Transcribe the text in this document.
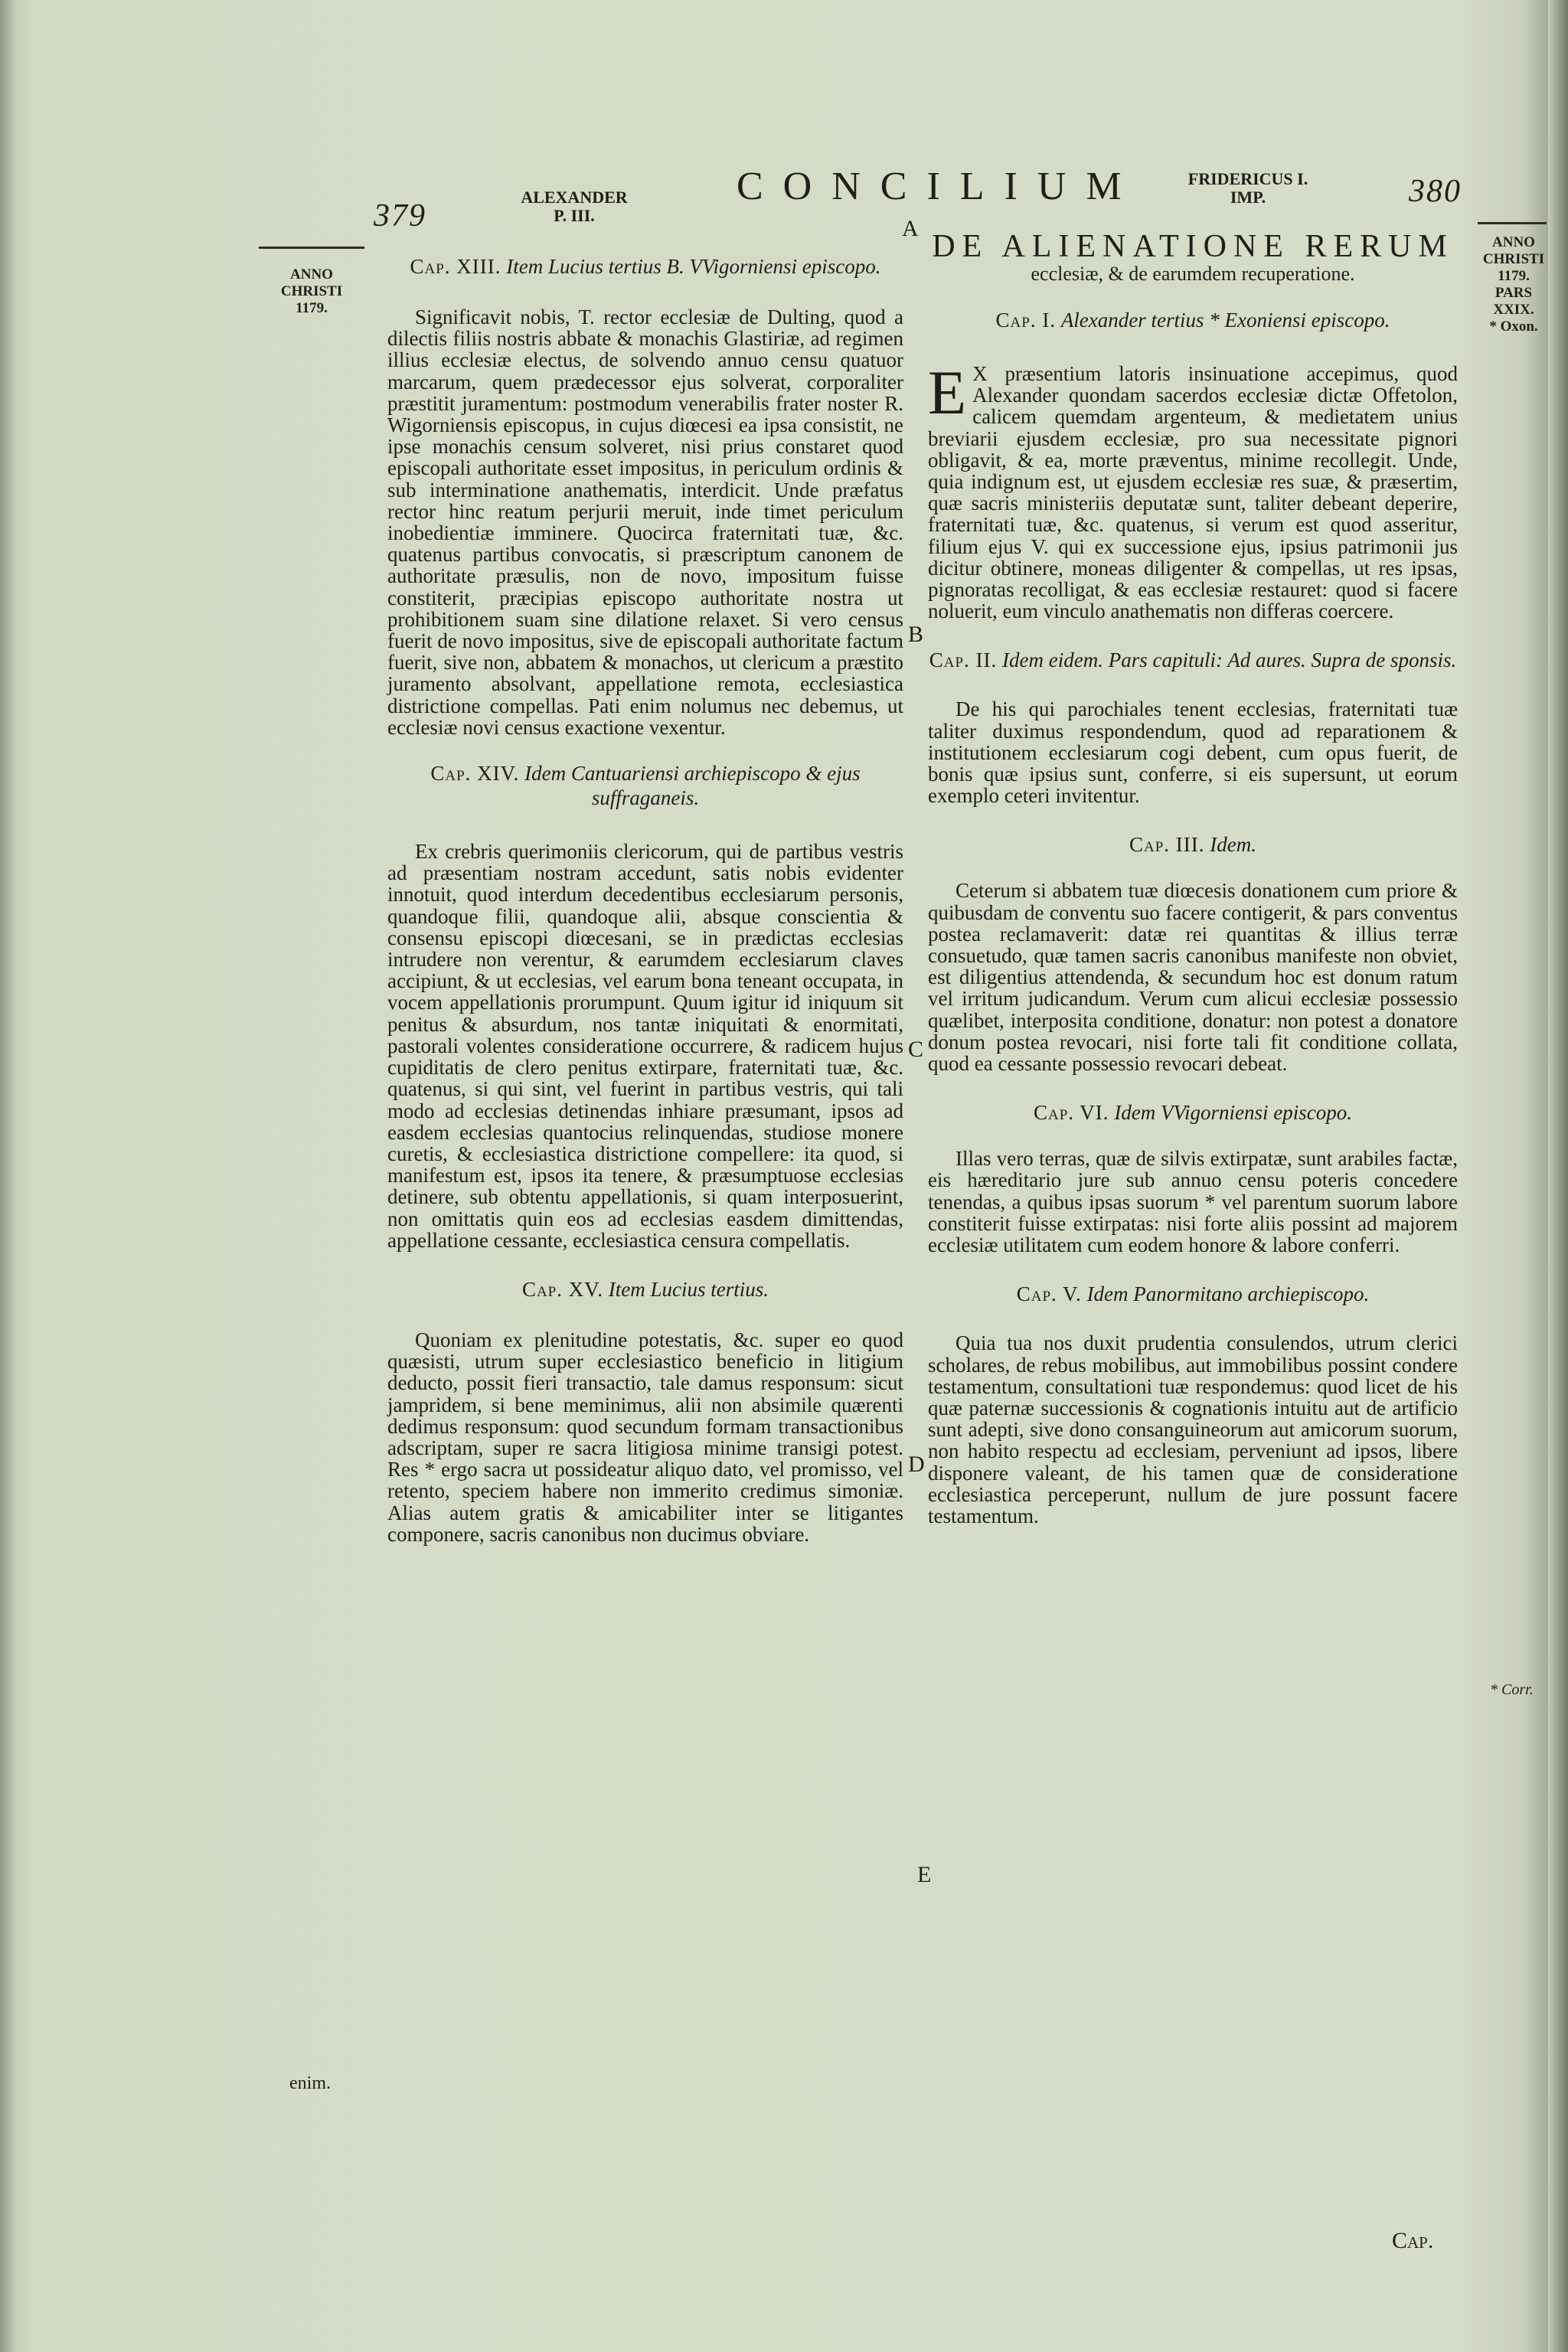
379
ALEXANDER
P. III.
CONCILIUM	FRIDERICUS I.
IMP.	380
ANNO
CHRISTI
1179.
enim.
ANNO
CHRISTI
1179.
PARS
XXIX.
* Oxon.
* Corr.
A
B
C
D
E
Cap. XIII. Item Lucius tertius B. VVigorniensi episcopo.

Significavit nobis, T. rector ecclesiæ de Dulting, quod a dilectis filiis nostris abbate & monachis Glastiriæ, ad regimen illius ecclesiæ electus, de solvendo annuo censu quatuor marcarum, quem prædecessor ejus solverat, corporaliter præstitit juramentum: postmodum venerabilis frater noster R. Wigorniensis episcopus, in cujus diœcesi ea ipsa consistit, ne ipse monachis censum solveret, nisi prius constaret quod episcopali authoritate esset impositus, in periculum ordinis & sub interminatione anathematis, interdicit. Unde præfatus rector hinc reatum perjurii meruit, inde timet periculum inobedientiæ imminere. Quocirca fraternitati tuæ, &c. quatenus partibus convocatis, si præscriptum canonem de authoritate præsulis, non de novo, impositum fuisse constiterit, præcipias episcopo authoritate nostra ut prohibitionem suam sine dilatione relaxet. Si vero census fuerit de novo impositus, sive de episcopali authoritate factum fuerit, sive non, abbatem & monachos, ut clericum a præstito juramento absolvant, appellatione remota, ecclesiastica districtione compellas. Pati enim nolumus nec debemus, ut ecclesiæ novi census exactione vexentur.

Cap. XIV. Idem Cantuariensi archiepiscopo & ejus suffraganeis.

Ex crebris querimoniis clericorum, qui de partibus vestris ad præsentiam nostram accedunt, satis nobis evidenter innotuit, quod interdum decedentibus ecclesiarum personis, quandoque filii, quandoque alii, absque conscientia & consensu episcopi diœcesani, se in prædictas ecclesias intrudere non verentur, & earumdem ecclesiarum claves accipiunt, & ut ecclesias, vel earum bona teneant occupata, in vocem appellationis prorumpunt. Quum igitur id iniquum sit penitus & absurdum, nos tantæ iniquitati & enormitati, pastorali volentes consideratione occurrere, & radicem hujus cupiditatis de clero penitus extirpare, fraternitati tuæ, &c. quatenus, si qui sint, vel fuerint in partibus vestris, qui tali modo ad ecclesias detinendas inhiare præsumant, ipsos ad easdem ecclesias quantocius relinquendas, studiose monere curetis, & ecclesiastica districtione compellere: ita quod, si manifestum est, ipsos ita tenere, & præsumptuose ecclesias detinere, sub obtentu appellationis, si quam interposuerint, non omittatis quin eos ad ecclesias easdem dimittendas, appellatione cessante, ecclesiastica censura compellatis.

Cap. XV. Item Lucius tertius.

Quoniam ex plenitudine potestatis, &c. super eo quod quæsisti, utrum super ecclesiastico beneficio in litigium deducto, possit fieri transactio, tale damus responsum: sicut jampridem, si bene meminimus, alii non absimile quærenti dedimus responsum: quod secundum formam transactionibus adscriptam, super re sacra litigiosa minime transigi potest. Res * ergo sacra ut possideatur aliquo dato, vel promisso, vel retento, speciem habere non immerito credimus simoniæ. Alias autem gratis & amicabiliter inter se litigantes componere, sacris canonibus non ducimus obviare.

DE ALIENATIONE RERUM
ecclesiæ, & de earumdem recuperatione.
Cap. I. Alexander tertius * Exoniensi episcopo.

E X præsentium latoris insinuatione accepimus, quod Alexander quondam sacerdos ecclesiæ dictæ Offetolon, calicem quemdam argenteum, & medietatem unius breviarii ejusdem ecclesiæ, pro sua necessitate pignori obligavit, & ea, morte præventus, minime recollegit. Unde, quia indignum est, ut ejusdem ecclesiæ res suæ, & præsertim, quæ sacris ministeriis deputatæ sunt, taliter debeant deperire, fraternitati tuæ, &c. quatenus, si verum est quod asseritur, filium ejus V. qui ex successione ejus, ipsius patrimonii jus dicitur obtinere, moneas diligenter & compellas, ut res ipsas, pignoratas recolligat, & eas ecclesiæ restauret: quod si facere noluerit, eum vinculo anathematis non differas coercere.

Cap. II. Idem eidem. Pars capituli: Ad aures. Supra de sponsis.

De his qui parochiales tenent ecclesias, fraternitati tuæ taliter duximus respondendum, quod ad reparationem & institutionem ecclesiarum cogi debent, cum opus fuerit, de bonis quæ ipsius sunt, conferre, si eis supersunt, ut eorum exemplo ceteri invitentur.

Cap. III. Idem.

Ceterum si abbatem tuæ diœcesis donationem cum priore & quibusdam de conventu suo facere contigerit, & pars conventus postea reclamaverit: datæ rei quantitas & illius terræ consuetudo, quæ tamen sacris canonibus manifeste non obviet, est diligentius attendenda, & secundum hoc est donum ratum vel irritum judicandum. Verum cum alicui ecclesiæ possessio quælibet, interposita conditione, donatur: non potest a donatore donum postea revocari, nisi forte tali fit conditione collata, quod ea cessante possessio revocari debeat.

Cap. VI. Idem VVigorniensi episcopo.

Illas vero terras, quæ de silvis extirpatæ, sunt arabiles factæ, eis hæreditario jure sub annuo censu poteris concedere tenendas, a quibus ipsas suorum * vel parentum suorum labore constiterit fuisse extirpatas: nisi forte aliis possint ad majorem ecclesiæ utilitatem cum eodem honore & labore conferri.

Cap. V. Idem Panormitano archiepiscopo.

Quia tua nos duxit prudentia consulendos, utrum clerici scholares, de rebus mobilibus, aut immobilibus possint condere testamentum, consultationi tuæ respondemus: quod licet de his quæ paternæ successionis & cognationis intuitu aut de artificio sunt adepti, sive dono consanguineorum aut amicorum suorum, non habito respectu ad ecclesiam, perveniunt ad ipsos, libere disponere valeant, de his tamen quæ de consideratione ecclesiastica perceperunt, nullum de jure possunt facere testamentum.

Cap.
